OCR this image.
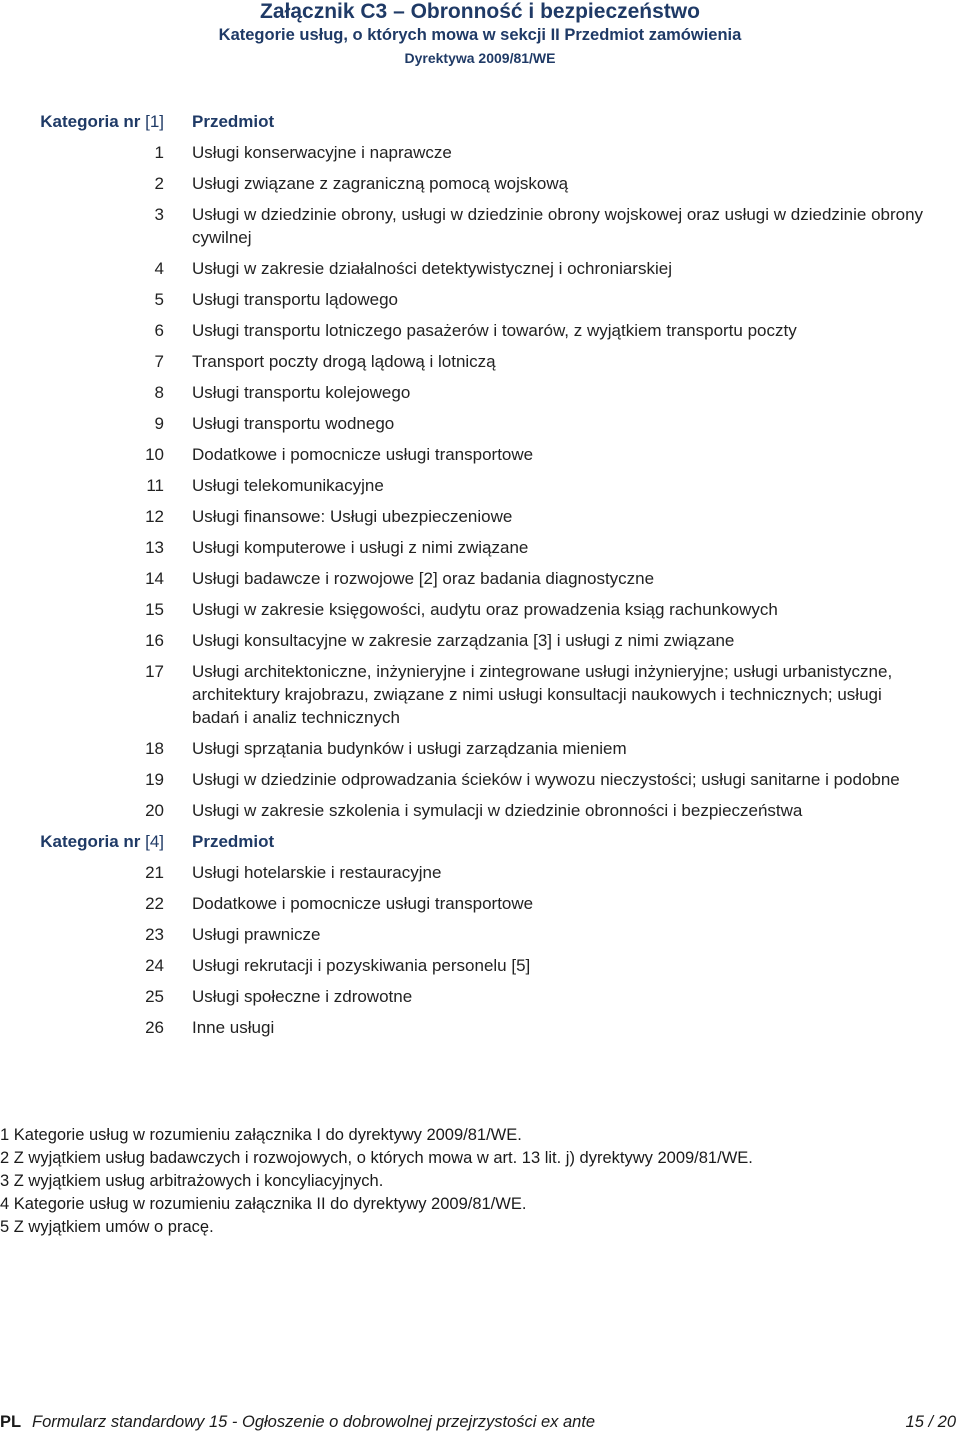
Załącznik C3 – Obronność i bezpieczeństwo
Kategorie usług, o których mowa w sekcji II Przedmiot zamówienia
Dyrektywa 2009/81/WE
Kategoria nr [1]	Przedmiot
1	Usługi konserwacyjne i naprawcze
2	Usługi związane z zagraniczną pomocą wojskową
3	Usługi w dziedzinie obrony, usługi w dziedzinie obrony wojskowej oraz usługi w dziedzinie obrony cywilnej
4	Usługi w zakresie działalności detektywistycznej i ochroniarskiej
5	Usługi transportu lądowego
6	Usługi transportu lotniczego pasażerów i towarów, z wyjątkiem transportu poczty
7	Transport poczty drogą lądową i lotniczą
8	Usługi transportu kolejowego
9	Usługi transportu wodnego
10	Dodatkowe i pomocnicze usługi transportowe
11	Usługi telekomunikacyjne
12	Usługi finansowe: Usługi ubezpieczeniowe
13	Usługi komputerowe i usługi z nimi związane
14	Usługi badawcze i rozwojowe [2] oraz badania diagnostyczne
15	Usługi w zakresie księgowości, audytu oraz prowadzenia ksiąg rachunkowych
16	Usługi konsultacyjne w zakresie zarządzania [3] i usługi z nimi związane
17	Usługi architektoniczne, inżynieryjne i zintegrowane usługi inżynieryjne; usługi urbanistyczne, architektury krajobrazu, związane z nimi usługi konsultacji naukowych i technicznych; usługi badań i analiz technicznych
18	Usługi sprzątania budynków i usługi zarządzania mieniem
19	Usługi w dziedzinie odprowadzania ścieków i wywozu nieczystości; usługi sanitarne i podobne
20	Usługi w zakresie szkolenia i symulacji w dziedzinie obronności i bezpieczeństwa
Kategoria nr [4]	Przedmiot
21	Usługi hotelarskie i restauracyjne
22	Dodatkowe i pomocnicze usługi transportowe
23	Usługi prawnicze
24	Usługi rekrutacji i pozyskiwania personelu [5]
25	Usługi społeczne i zdrowotne
26	Inne usługi
1 Kategorie usług w rozumieniu załącznika I do dyrektywy 2009/81/WE.
2 Z wyjątkiem usług badawczych i rozwojowych, o których mowa w art. 13 lit. j) dyrektywy 2009/81/WE.
3 Z wyjątkiem usług arbitrażowych i koncyliacyjnych.
4 Kategorie usług w rozumieniu załącznika II do dyrektywy 2009/81/WE.
5 Z wyjątkiem umów o pracę.
PL Formularz standardowy 15 - Ogłoszenie o dobrowolnej przejrzystości ex ante	15 / 20
